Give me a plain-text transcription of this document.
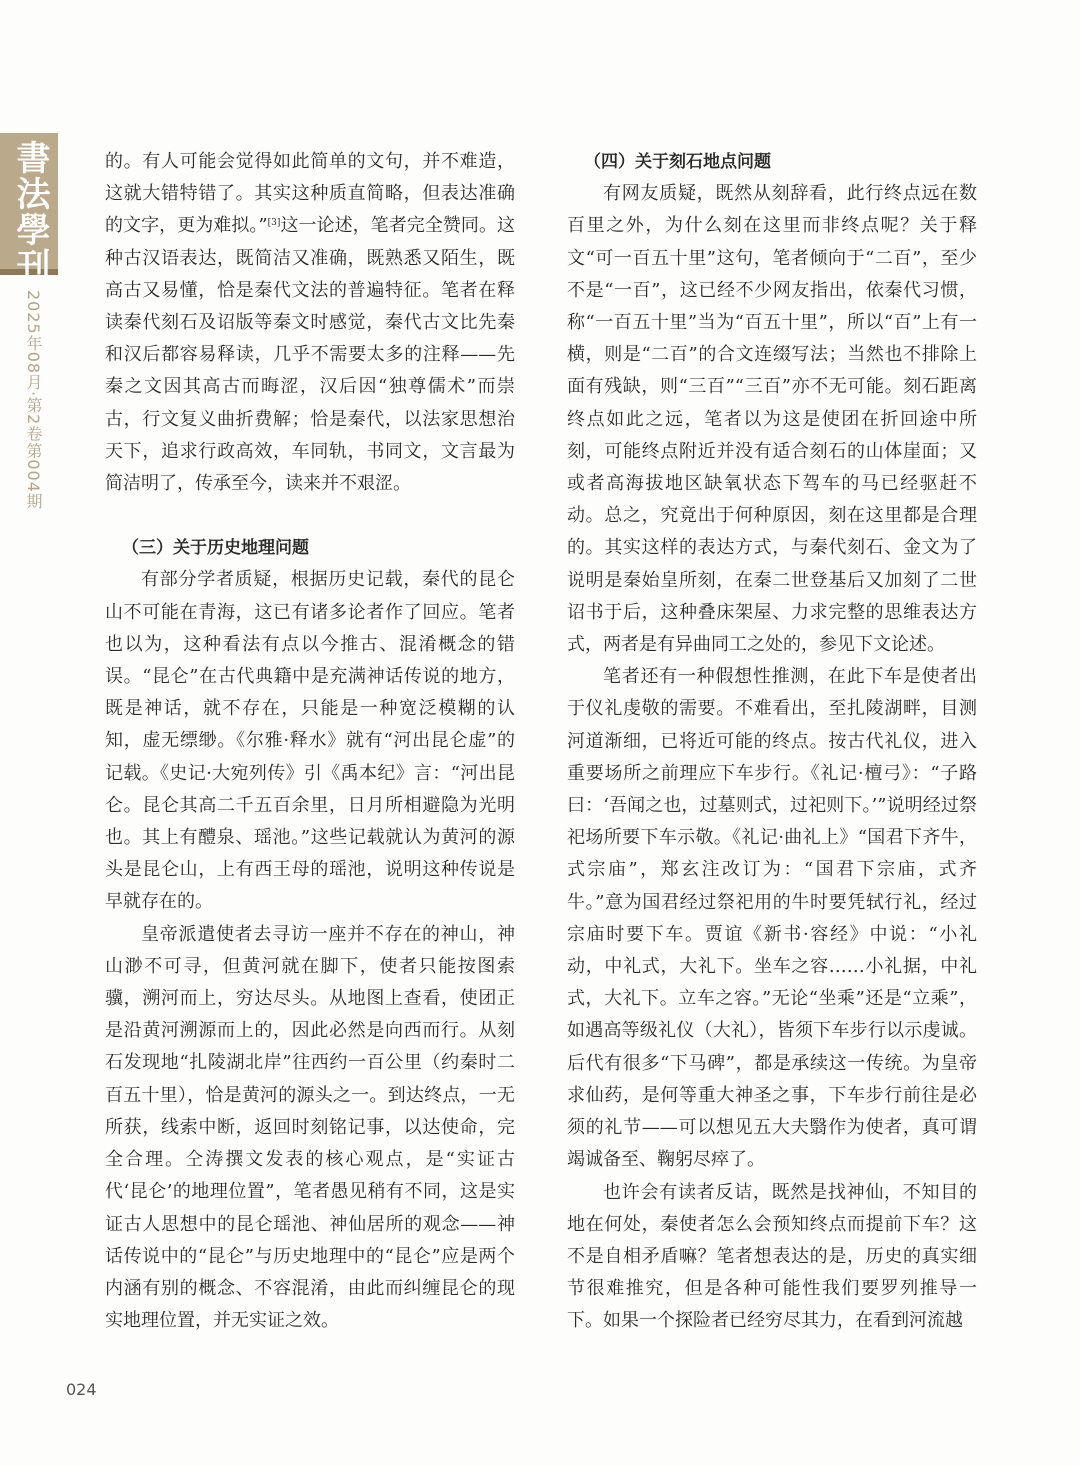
書法學刊
2025年08月·第2卷第004期

的。有人可能会觉得如此简单的文句，并不难造，这就大错特错了。其实这种质直简略，但表达准确的文字，更为难拟。”[3]这一论述，笔者完全赞同。这种古汉语表达，既简洁又准确，既熟悉又陌生，既高古又易懂，恰是秦代文法的普遍特征。笔者在释读秦代刻石及诏版等秦文时感觉，秦代古文比先秦和汉后都容易释读，几乎不需要太多的注释——先秦之文因其高古而晦涩，汉后因“独尊儒术”而崇古，行文复义曲折费解；恰是秦代，以法家思想治天下，追求行政高效，车同轨，书同文，文言最为简洁明了，传承至今，读来并不艰涩。

（三）关于历史地理问题

有部分学者质疑，根据历史记载，秦代的昆仑山不可能在青海，这已有诸多论者作了回应。笔者也以为，这种看法有点以今推古、混淆概念的错误。“昆仑”在古代典籍中是充满神话传说的地方，既是神话，就不存在，只能是一种宽泛模糊的认知，虚无缥缈。《尔雅·释水》就有“河出昆仑虚”的记载。《史记·大宛列传》引《禹本纪》言：“河出昆仑。昆仑其高二千五百余里，日月所相避隐为光明也。其上有醴泉、瑶池。”这些记载就认为黄河的源头是昆仑山，上有西王母的瑶池，说明这种传说是早就存在的。

皇帝派遣使者去寻访一座并不存在的神山，神山渺不可寻，但黄河就在脚下，使者只能按图索骥，溯河而上，穷达尽头。从地图上查看，使团正是沿黄河溯源而上的，因此必然是向西而行。从刻石发现地“扎陵湖北岸”往西约一百公里（约秦时二百五十里），恰是黄河的源头之一。到达终点，一无所获，线索中断，返回时刻铭记事，以达使命，完全合理。仝涛撰文发表的核心观点，是“实证古代‘昆仑’的地理位置”，笔者愚见稍有不同，这是实证古人思想中的昆仑瑶池、神仙居所的观念——神话传说中的“昆仑”与历史地理中的“昆仑”应是两个内涵有别的概念、不容混淆，由此而纠缠昆仑的现实地理位置，并无实证之效。

（四）关于刻石地点问题

有网友质疑，既然从刻辞看，此行终点远在数百里之外，为什么刻在这里而非终点呢？关于释文“可一百五十里”这句，笔者倾向于“二百”，至少不是“一百”，这已经不少网友指出，依秦代习惯，称“一百五十里”当为“百五十里”，所以“百”上有一横，则是“二百”的合文连缀写法；当然也不排除上面有残缺，则“三百”“三百”亦不无可能。刻石距离终点如此之远，笔者以为这是使团在折回途中所刻，可能终点附近并没有适合刻石的山体崖面；又或者高海拔地区缺氧状态下驾车的马已经驱赶不动。总之，究竟出于何种原因，刻在这里都是合理的。其实这样的表达方式，与秦代刻石、金文为了说明是秦始皇所刻，在秦二世登基后又加刻了二世诏书于后，这种叠床架屋、力求完整的思维表达方式，两者是有异曲同工之处的，参见下文论述。

笔者还有一种假想性推测，在此下车是使者出于仪礼虔敬的需要。不难看出，至扎陵湖畔，目测河道渐细，已将近可能的终点。按古代礼仪，进入重要场所之前理应下车步行。《礼记·檀弓》：“子路曰：‘吾闻之也，过墓则式，过祀则下。’”说明经过祭祀场所要下车示敬。《礼记·曲礼上》“国君下齐牛，式宗庙”，郑玄注改订为：“国君下宗庙，式齐牛。”意为国君经过祭祀用的牛时要凭轼行礼，经过宗庙时要下车。贾谊《新书·容经》中说：“小礼动，中礼式，大礼下。坐车之容……小礼据，中礼式，大礼下。立车之容。”无论“坐乘”还是“立乘”，如遇高等级礼仪（大礼），皆须下车步行以示虔诚。后代有很多“下马碑”，都是承续这一传统。为皇帝求仙药，是何等重大神圣之事，下车步行前往是必须的礼节——可以想见五大夫翳作为使者，真可谓竭诚备至、鞠躬尽瘁了。

也许会有读者反诘，既然是找神仙，不知目的地在何处，秦使者怎么会预知终点而提前下车？这不是自相矛盾嘛？笔者想表达的是，历史的真实细节很难推究，但是各种可能性我们要罗列推导一下。如果一个探险者已经穷尽其力，在看到河流越

024
